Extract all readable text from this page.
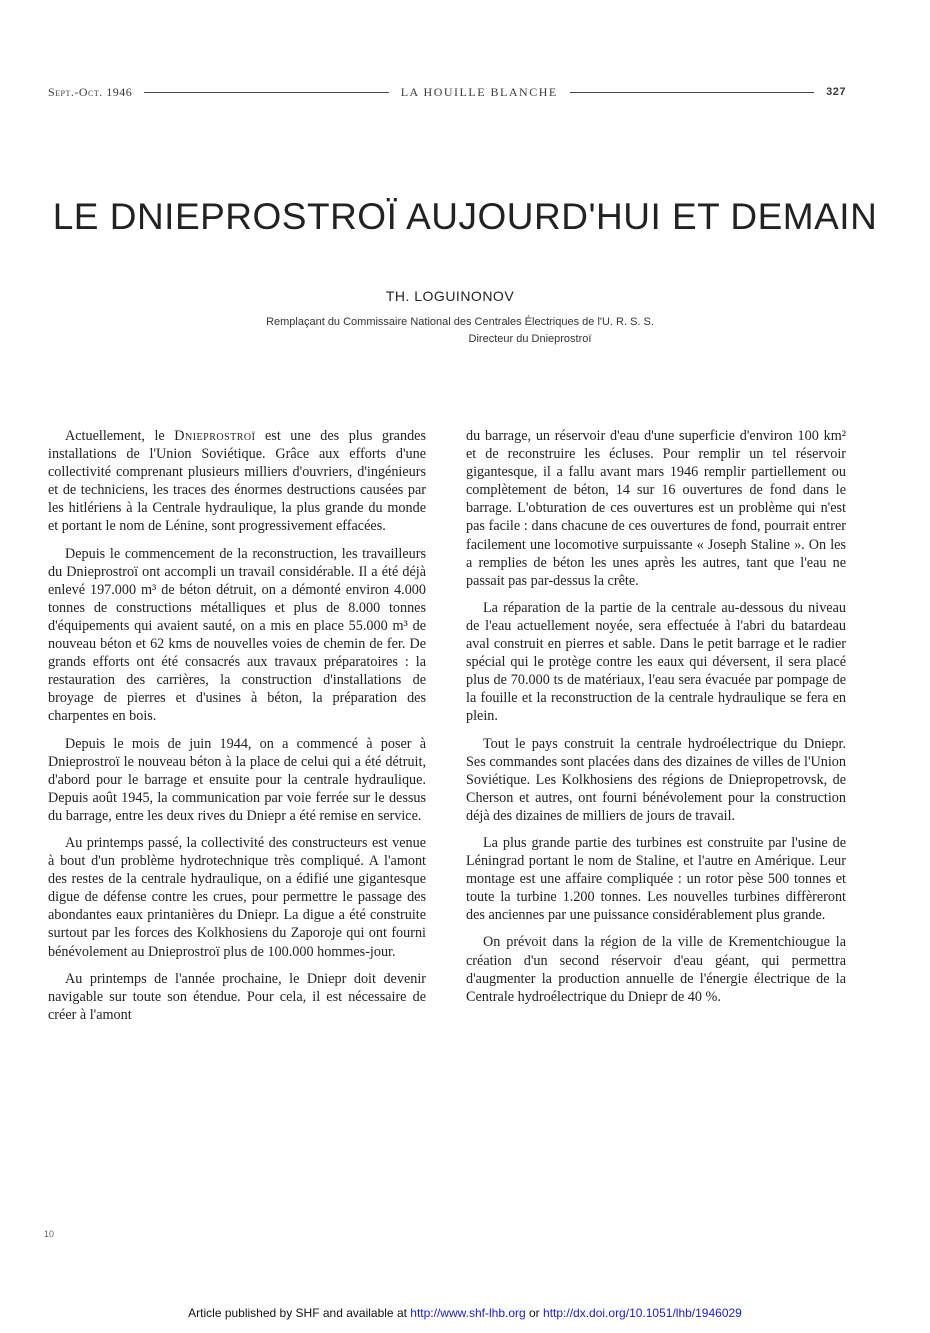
Sept.-Oct. 1946	LA HOUILLE BLANCHE	327
LE DNIEPROSTROÏ AUJOURD'HUI ET DEMAIN
TH. LOGUINONOV
Remplaçant du Commissaire National des Centrales Électriques de l'U. R. S. S.
Directeur du Dnieprostroï

Actuellement, le Dnieprostroï est une des plus grandes installations de l'Union Soviétique. Grâce aux efforts d'une collectivité comprenant plusieurs milliers d'ouvriers, d'ingénieurs et de techniciens, les traces des énormes destructions causées par les hitlériens à la Centrale hydraulique, la plus grande du monde et portant le nom de Lénine, sont progressivement effacées.

Depuis le commencement de la reconstruction, les travailleurs du Dnieprostroï ont accompli un travail considérable. Il a été déjà enlevé 197.000 m³ de béton détruit, on a démonté environ 4.000 tonnes de constructions métalliques et plus de 8.000 tonnes d'équipements qui avaient sauté, on a mis en place 55.000 m³ de nouveau béton et 62 kms de nouvelles voies de chemin de fer. De grands efforts ont été consacrés aux travaux préparatoires : la restauration des carrières, la construction d'installations de broyage de pierres et d'usines à béton, la préparation des charpentes en bois.

Depuis le mois de juin 1944, on a commencé à poser à Dnieprostroï le nouveau béton à la place de celui qui a été détruit, d'abord pour le barrage et ensuite pour la centrale hydraulique. Depuis août 1945, la communication par voie ferrée sur le dessus du barrage, entre les deux rives du Dniepr a été remise en service.

Au printemps passé, la collectivité des constructeurs est venue à bout d'un problème hydrotechnique très compliqué. A l'amont des restes de la centrale hydraulique, on a édifié une gigantesque digue de défense contre les crues, pour permettre le passage des abondantes eaux printanières du Dniepr. La digue a été construite surtout par les forces des Kolkhosiens du Zaporoje qui ont fourni bénévolement au Dnieprostroï plus de 100.000 hommes-jour.

Au printemps de l'année prochaine, le Dniepr doit devenir navigable sur toute son étendue. Pour cela, il est nécessaire de créer à l'amont

du barrage, un réservoir d'eau d'une superficie d'environ 100 km² et de reconstruire les écluses. Pour remplir un tel réservoir gigantesque, il a fallu avant mars 1946 remplir partiellement ou complètement de béton, 14 sur 16 ouvertures de fond dans le barrage. L'obturation de ces ouvertures est un problème qui n'est pas facile : dans chacune de ces ouvertures de fond, pourrait entrer facilement une locomotive surpuissante « Joseph Staline ». On les a remplies de béton les unes après les autres, tant que l'eau ne passait pas par-dessus la crête.

La réparation de la partie de la centrale au-dessous du niveau de l'eau actuellement noyée, sera effectuée à l'abri du batardeau aval construit en pierres et sable. Dans le petit barrage et le radier spécial qui le protège contre les eaux qui déversent, il sera placé plus de 70.000 ts de matériaux, l'eau sera évacuée par pompage de la fouille et la reconstruction de la centrale hydraulique se fera en plein.

Tout le pays construit la centrale hydroélectrique du Dniepr. Ses commandes sont placées dans des dizaines de villes de l'Union Soviétique. Les Kolkhosiens des régions de Dniepropetrovsk, de Cherson et autres, ont fourni bénévolement pour la construction déjà des dizaines de milliers de jours de travail.

La plus grande partie des turbines est construite par l'usine de Léningrad portant le nom de Staline, et l'autre en Amérique. Leur montage est une affaire compliquée : un rotor pèse 500 tonnes et toute la turbine 1.200 tonnes. Les nouvelles turbines diffèreront des anciennes par une puissance considérablement plus grande.

On prévoit dans la région de la ville de Krementchiougue la création d'un second réservoir d'eau géant, qui permettra d'augmenter la production annuelle de l'énergie électrique de la Centrale hydroélectrique du Dniepr de 40 %.

10
Article published by SHF and available at http://www.shf-lhb.org or http://dx.doi.org/10.1051/lhb/1946029
